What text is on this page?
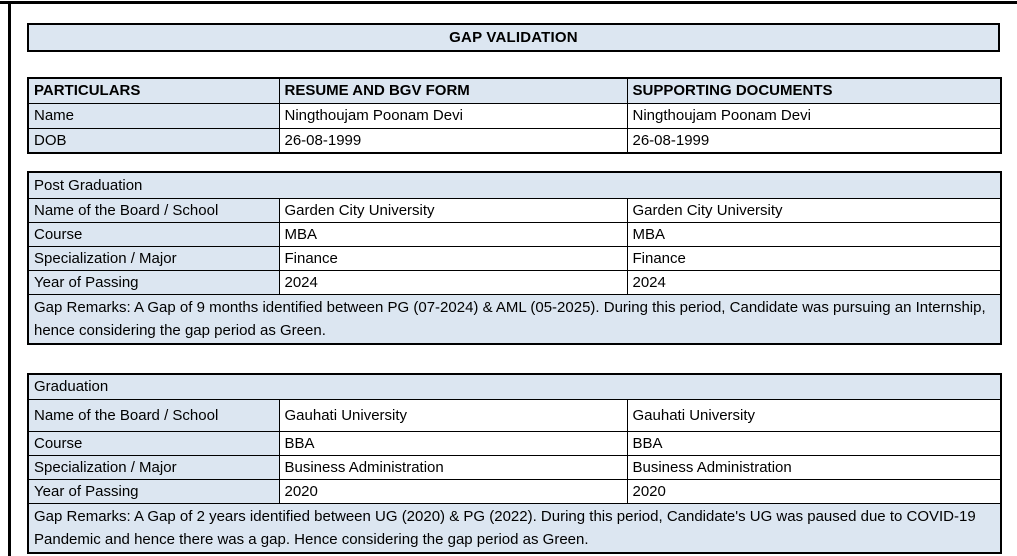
GAP VALIDATION
PARTICULARS	RESUME AND BGV FORM	SUPPORTING DOCUMENTS
Name	Ningthoujam Poonam Devi	Ningthoujam Poonam Devi
DOB	26-08-1999	26-08-1999
Post Graduation		
Name of the Board / School	Garden City University	Garden City University
Course	MBA	MBA
Specialization / Major	Finance	Finance
Year of Passing	2024	2024
Gap Remarks: A Gap of 9 months identified between PG (07-2024) & AML (05-2025). During this period, Candidate was pursuing an Internship, hence considering the gap period as Green.		
Graduation		
Name of the Board / School	Gauhati University	Gauhati University
Course	BBA	BBA
Specialization / Major	Business Administration	Business Administration
Year of Passing	2020	2020
Gap Remarks: A Gap of 2 years identified between UG (2020) & PG (2022). During this period, Candidate's UG was paused due to COVID-19 Pandemic and hence there was a gap. Hence considering the gap period as Green.		
